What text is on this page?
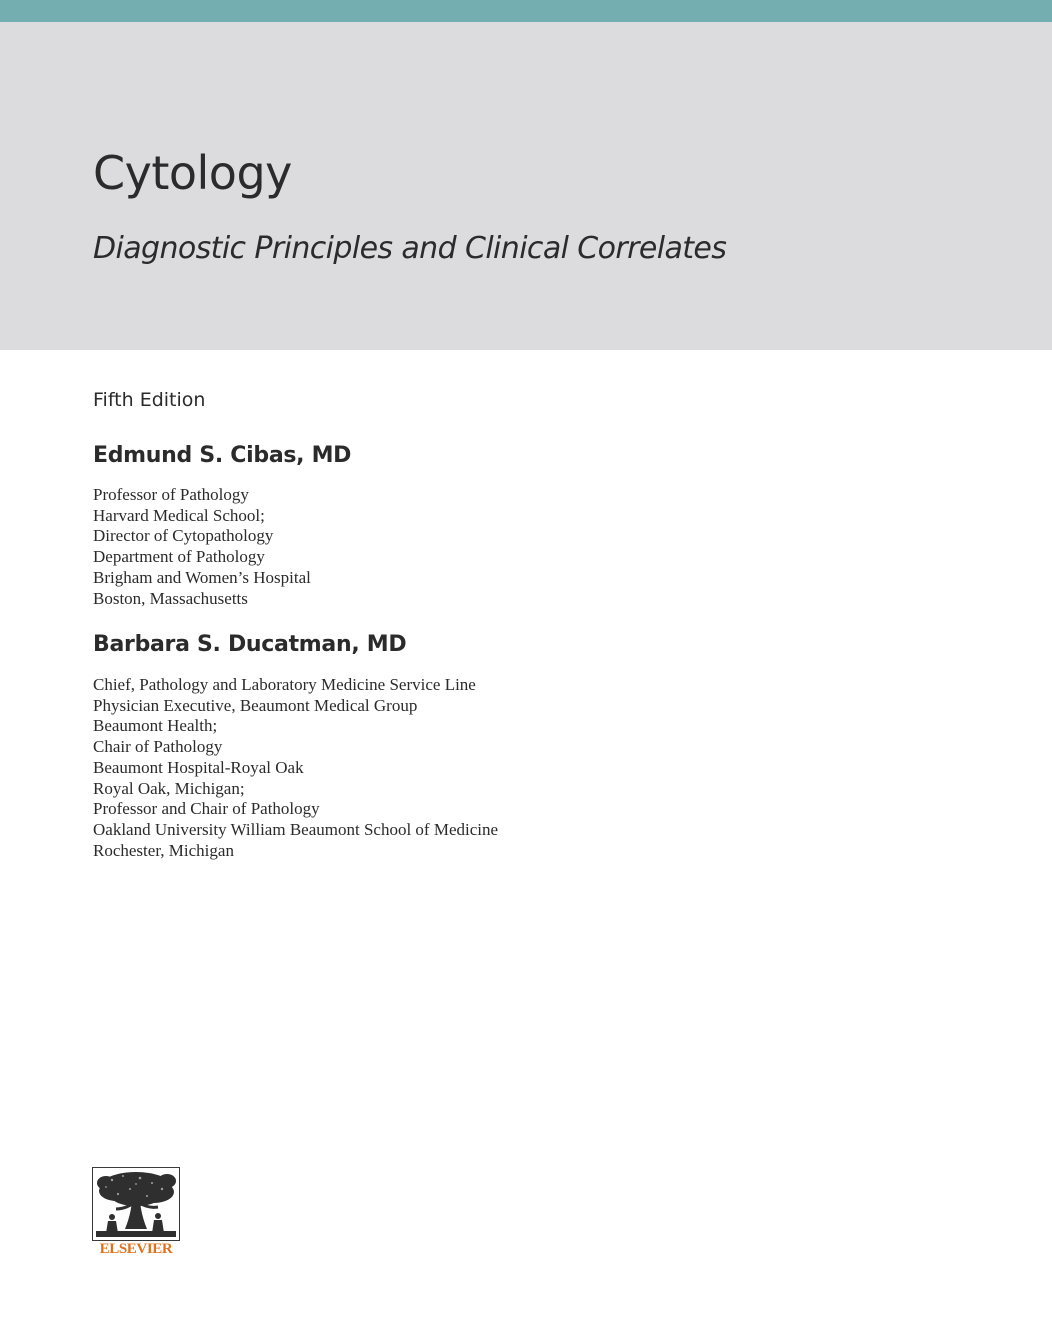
Cytology
Diagnostic Principles and Clinical Correlates
Fifth Edition
Edmund S. Cibas, MD
Professor of Pathology
Harvard Medical School;
Director of Cytopathology
Department of Pathology
Brigham and Women’s Hospital
Boston, Massachusetts
Barbara S. Ducatman, MD
Chief, Pathology and Laboratory Medicine Service Line
Physician Executive, Beaumont Medical Group
Beaumont Health;
Chair of Pathology
Beaumont Hospital-Royal Oak
Royal Oak, Michigan;
Professor and Chair of Pathology
Oakland University William Beaumont School of Medicine
Rochester, Michigan
ELSEVIER
